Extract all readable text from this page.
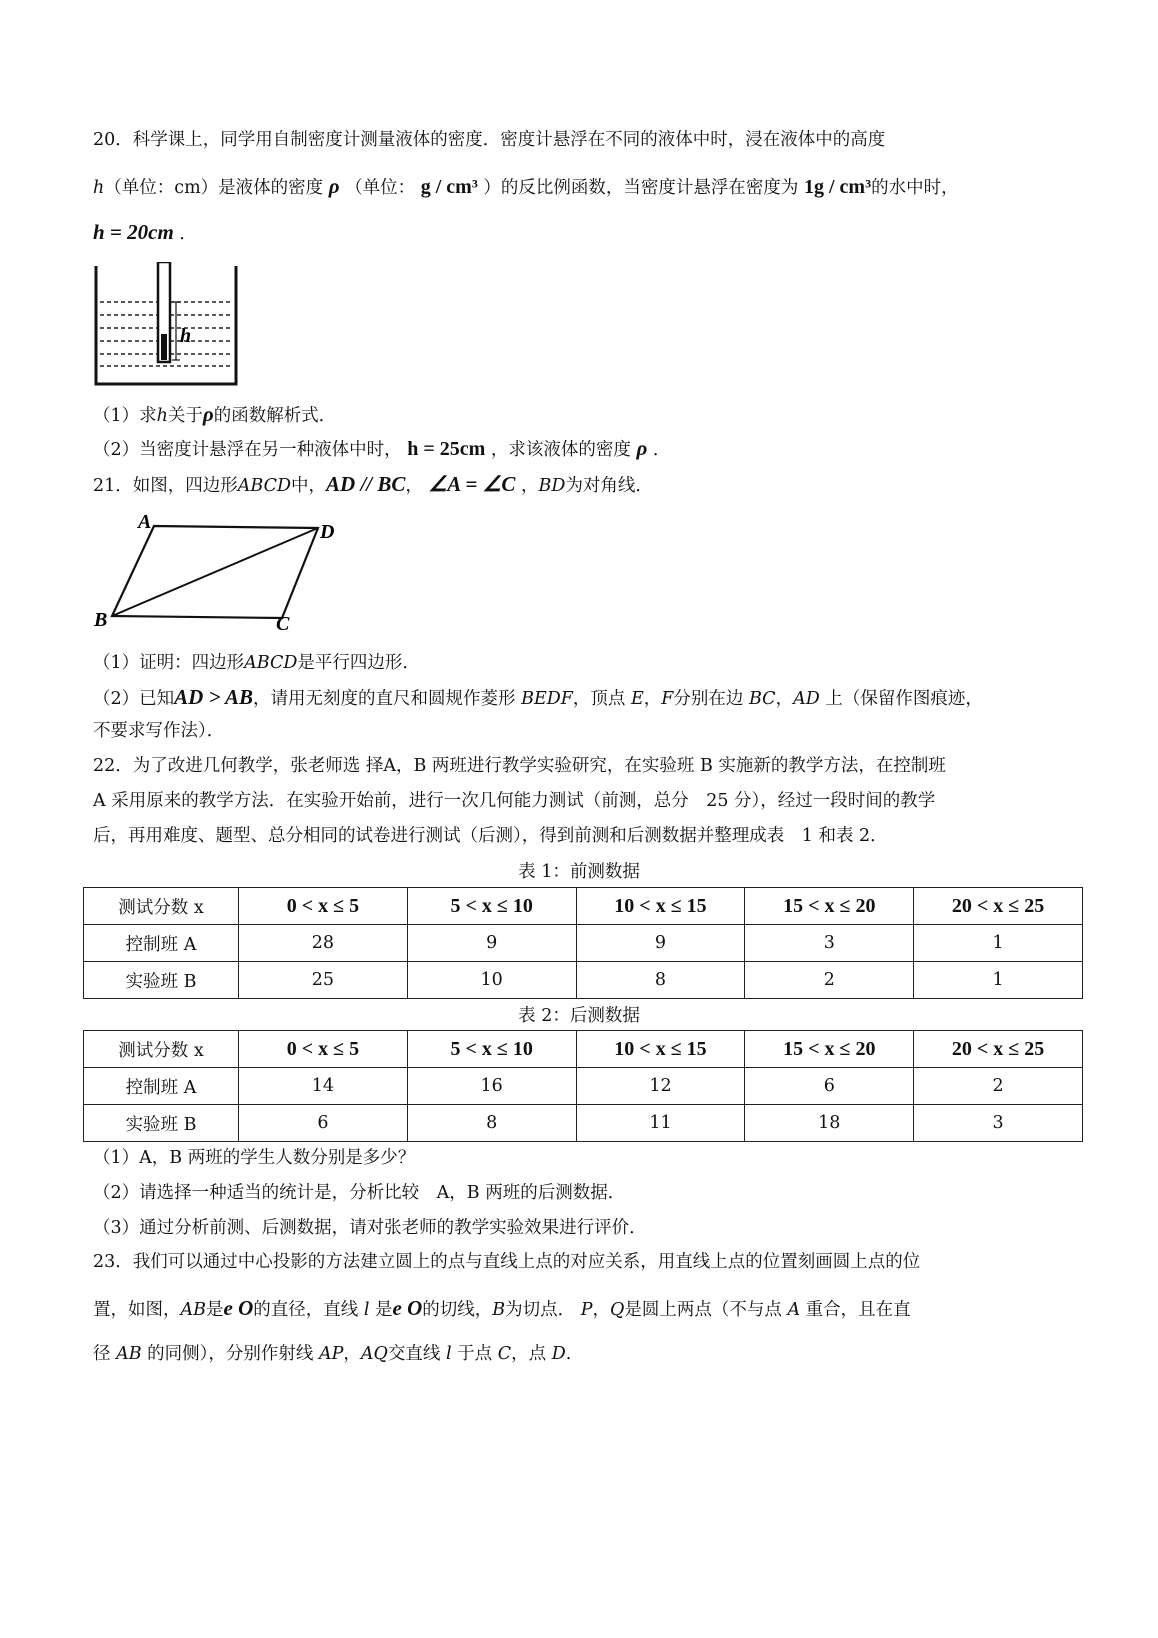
20．科学课上，同学用自制密度计测量液体的密度．密度计悬浮在不同的液体中时，浸在液体中的高度
h（单位：cm）是液体的密度 ρ （单位： g / cm³ ）的反比例函数，当密度计悬浮在密度为 1g / cm³的水中时，
h = 20cm ．
h
（1）求h关于ρ的函数解析式．
（2）当密度计悬浮在另一种液体中时， h = 25cm ，求该液体的密度 ρ ．
21．如图，四边形ABCD中，AD // BC， ∠A = ∠C ，BD为对角线．
A	D
B	C
（1）证明：四边形ABCD是平行四边形．
（2）已知AD > AB，请用无刻度的直尺和圆规作菱形 BEDF，顶点 E，F分别在边 BC，AD 上（保留作图痕迹，
不要求写作法）．
22．为了改进几何教学，张老师选 择A，B 两班进行教学实验研究，在实验班 B 实施新的教学方法，在控制班
A 采用原来的教学方法．在实验开始前，进行一次几何能力测试（前测，总分　25 分），经过一段时间的教学
后，再用难度、题型、总分相同的试卷进行测试（后测），得到前测和后测数据并整理成表　1 和表 2．
表 1：前测数据
测试分数 x	0 < x ≤ 5	5 < x ≤ 10	10 < x ≤ 15	15 < x ≤ 20	20 < x ≤ 25
控制班 A	28	9	9	3	1
实验班 B	25	10	8	2	1
表 2：后测数据
测试分数 x	0 < x ≤ 5	5 < x ≤ 10	10 < x ≤ 15	15 < x ≤ 20	20 < x ≤ 25
控制班 A	14	16	12	6	2
实验班 B	6	8	11	18	3
（1）A，B 两班的学生人数分别是多少？
（2）请选择一种适当的统计是，分析比较　A，B 两班的后测数据．
（3）通过分析前测、后测数据，请对张老师的教学实验效果进行评价．
23．我们可以通过中心投影的方法建立圆上的点与直线上点的对应关系，用直线上点的位置刻画圆上点的位
置，如图，AB是e O的直径，直线 l 是e O的切线，B为切点． P，Q是圆上两点（不与点 A 重合，且在直
径 AB 的同侧），分别作射线 AP，AQ交直线 l 于点 C，点 D.
